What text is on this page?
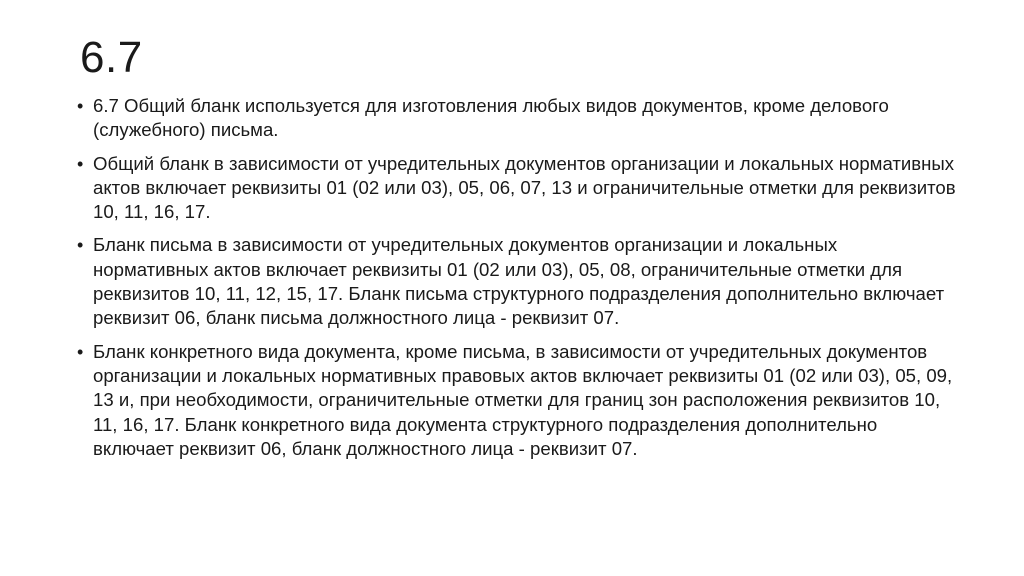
6.7
• 6.7 Общий бланк используется для изготовления любых видов документов, кроме делового (служебного) письма.
• Общий бланк в зависимости от учредительных документов организации и локальных нормативных актов включает реквизиты 01 (02 или 03), 05, 06, 07, 13 и ограничительные отметки для реквизитов 10, 11, 16, 17.
• Бланк письма в зависимости от учредительных документов организации и локальных нормативных актов включает реквизиты 01 (02 или 03), 05, 08, ограничительные отметки для реквизитов 10, 11, 12, 15, 17. Бланк письма структурного подразделения дополнительно включает реквизит 06, бланк письма должностного лица - реквизит 07.
• Бланк конкретного вида документа, кроме письма, в зависимости от учредительных документов организации и локальных нормативных правовых актов включает реквизиты 01 (02 или 03), 05, 09, 13 и, при необходимости, ограничительные отметки для границ зон расположения реквизитов 10, 11, 16, 17. Бланк конкретного вида документа структурного подразделения дополнительно включает реквизит 06, бланк должностного лица - реквизит 07.
